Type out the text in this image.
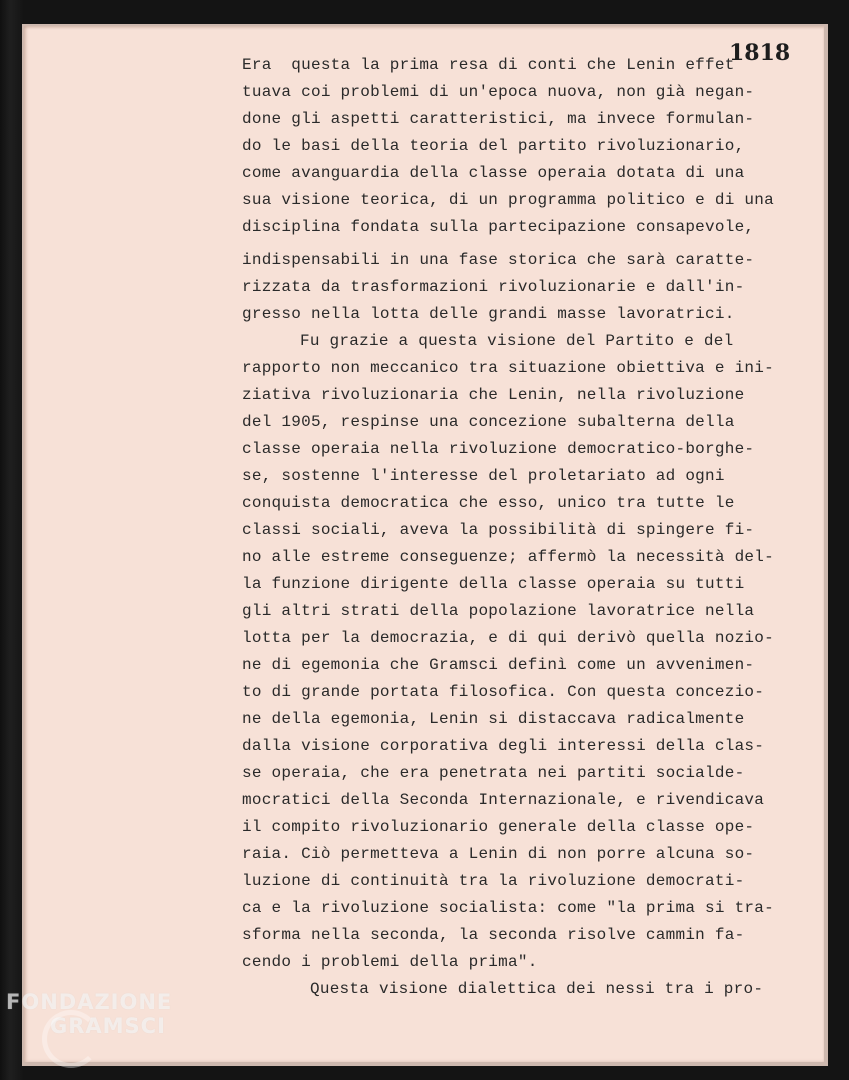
1818
Era  questa la prima resa di conti che Lenin effet
tuava coi problemi di un'epoca nuova, non già negan-
done gli aspetti caratteristici, ma invece formulan-
do le basi della teoria del partito rivoluzionario,
come avanguardia della classe operaia dotata di una
sua visione teorica, di un programma politico e di una
disciplina fondata sulla partecipazione consapevole,
indispensabili in una fase storica che sarà caratte-
rizzata da trasformazioni rivoluzionarie e dall'in-
gresso nella lotta delle grandi masse lavoratrici.
Fu grazie a questa visione del Partito e del
rapporto non meccanico tra situazione obiettiva e ini-
ziativa rivoluzionaria che Lenin, nella rivoluzione
del 1905, respinse una concezione subalterna della
classe operaia nella rivoluzione democratico-borghe-
se, sostenne l'interesse del proletariato ad ogni
conquista democratica che esso, unico tra tutte le
classi sociali, aveva la possibilità di spingere fi-
no alle estreme conseguenze; affermò la necessità del-
la funzione dirigente della classe operaia su tutti
gli altri strati della popolazione lavoratrice nella
lotta per la democrazia, e di qui derivò quella nozio-
ne di egemonia che Gramsci definì come un avvenimen-
to di grande portata filosofica. Con questa concezio-
ne della egemonia, Lenin si distaccava radicalmente
dalla visione corporativa degli interessi della clas-
se operaia, che era penetrata nei partiti socialde-
mocratici della Seconda Internazionale, e rivendicava
il compito rivoluzionario generale della classe ope-
raia. Ciò permetteva a Lenin di non porre alcuna so-
luzione di continuità tra la rivoluzione democrati-
ca e la rivoluzione socialista: come "la prima si tra-
sforma nella seconda, la seconda risolve cammin fa-
cendo i problemi della prima".
Questa visione dialettica dei nessi tra i pro-
FONDAZIONE
GRAMSCI
